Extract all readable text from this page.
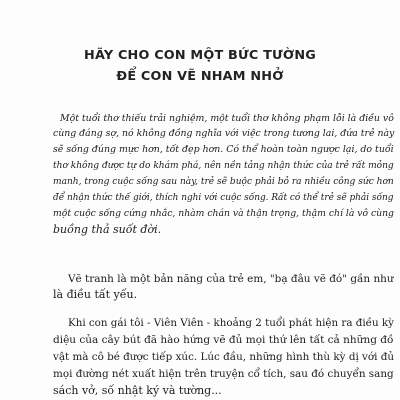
HÃY CHO CON MỘT BỨC TƯỜNG
ĐỂ CON VẼ NHAM NHỞ
Một tuổi thơ thiếu trải nghiệm, một tuổi thơ không phạm lỗi là điều vô
cùng đáng sợ, nó không đồng nghĩa với việc trong tương lai, đứa trẻ này
sẽ sống đúng mực hơn, tốt đẹp hơn. Có thể hoàn toàn ngược lại, do tuổi
thơ không được tự do khám phá, nên nền tảng nhận thức của trẻ rất mỏng
manh, trong cuộc sống sau này, trẻ sẽ buộc phải bỏ ra nhiều công sức hơn
để nhận thức thế giới, thích nghi với cuộc sống. Rất có thể trẻ sẽ phải sống
một cuộc sống cứng nhắc, nhàm chán và thận trọng, thậm chí là vô cùng
buồng thả suốt đời.
Vẽ tranh là một bản năng của trẻ em, "bạ đâu vẽ đó" gần như
là điều tất yếu.
Khi con gái tôi - Viên Viên - khoảng 2 tuổi phát hiện ra điều kỳ
diệu của cây bút đã hào hứng vẽ đủ mọi thứ lên tất cả những đồ
vật mà cô bé được tiếp xúc. Lúc đầu, những hình thù kỳ dị với đủ
mọi đường nét xuất hiện trên truyện cổ tích, sau đó chuyển sang
sách vở, số nhật ký và tường...
